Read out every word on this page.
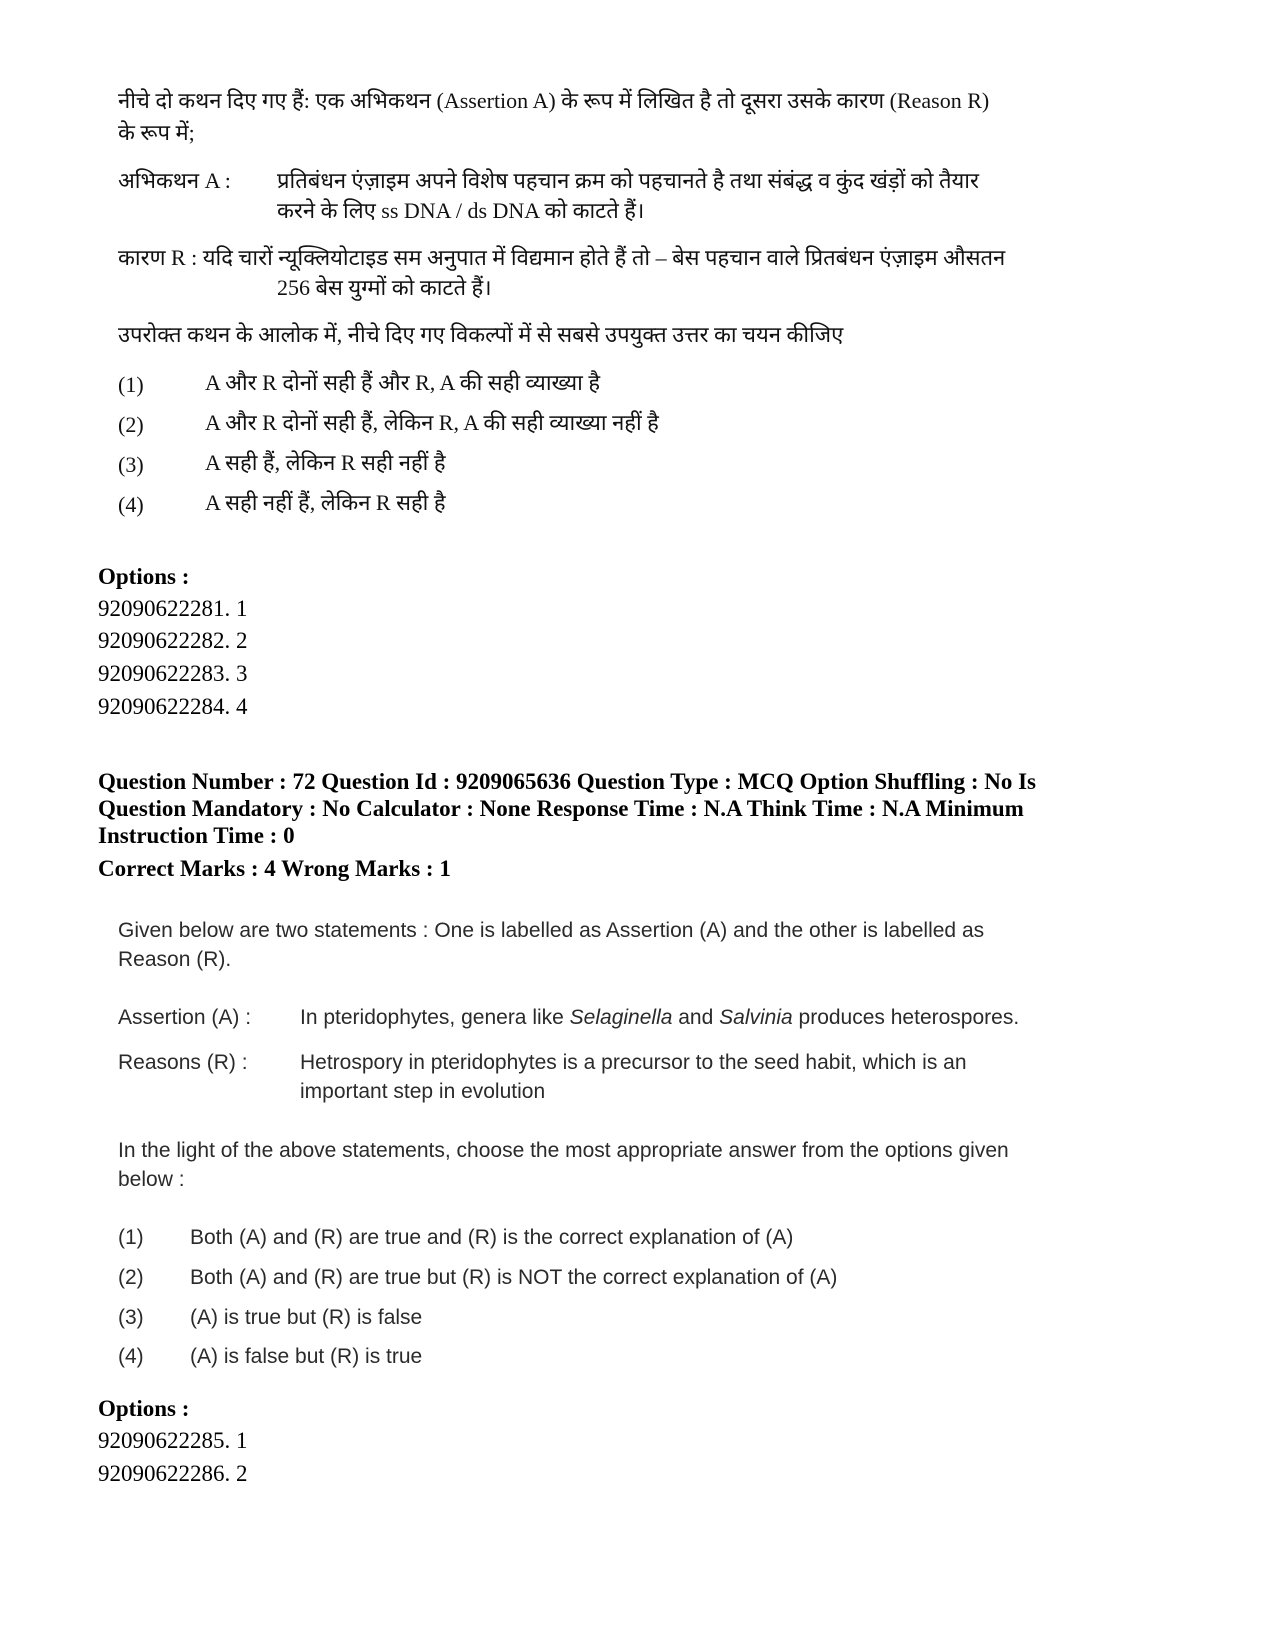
नीचे दो कथन दिए गए हैं: एक अभिकथन (Assertion A) के रूप में लिखित है तो दूसरा उसके कारण (Reason R)
के रूप में;
अभिकथन A : प्रतिबंधन एंज़ाइम अपने विशेष पहचान क्रम को पहचानते है तथा संबंद्ध व कुंद खंड़ों को तैयार
करने के लिए ss DNA / ds DNA को काटते हैं।
कारण R : यदि चारों न्यूक्लियोटाइड सम अनुपात में विद्यमान होते हैं तो – बेस पहचान वाले प्रितबंधन एंज़ाइम औसतन
256 बेस युग्मों को काटते हैं।
उपरोक्त कथन के आलोक में, नीचे दिए गए विकल्पों में से सबसे उपयुक्त उत्तर का चयन कीजिए
(1)	A और R दोनों सही हैं और R, A की सही व्याख्या है
(2)	A और R दोनों सही हैं, लेकिन R, A की सही व्याख्या नहीं है
(3)	A सही हैं, लेकिन R सही नहीं है
(4)	A सही नहीं हैं, लेकिन R सही है
Options :
92090622281. 1
92090622282. 2
92090622283. 3
92090622284. 4
Question Number : 72 Question Id : 9209065636 Question Type : MCQ Option Shuffling : No Is
Question Mandatory : No Calculator : None Response Time : N.A Think Time : N.A Minimum
Instruction Time : 0
Correct Marks : 4 Wrong Marks : 1
Given below are two statements : One is labelled as Assertion (A) and the other is labelled as
Reason (R).
Assertion (A) : In pteridophytes, genera like Selaginella and Salvinia produces heterospores.
Reasons (R) : Hetrospory in pteridophytes is a precursor to the seed habit, which is an
important step in evolution
In the light of the above statements, choose the most appropriate answer from the options given
below :
(1) Both (A) and (R) are true and (R) is the correct explanation of (A)
(2) Both (A) and (R) are true but (R) is NOT the correct explanation of (A)
(3) (A) is true but (R) is false
(4) (A) is false but (R) is true
Options :
92090622285. 1
92090622286. 2
